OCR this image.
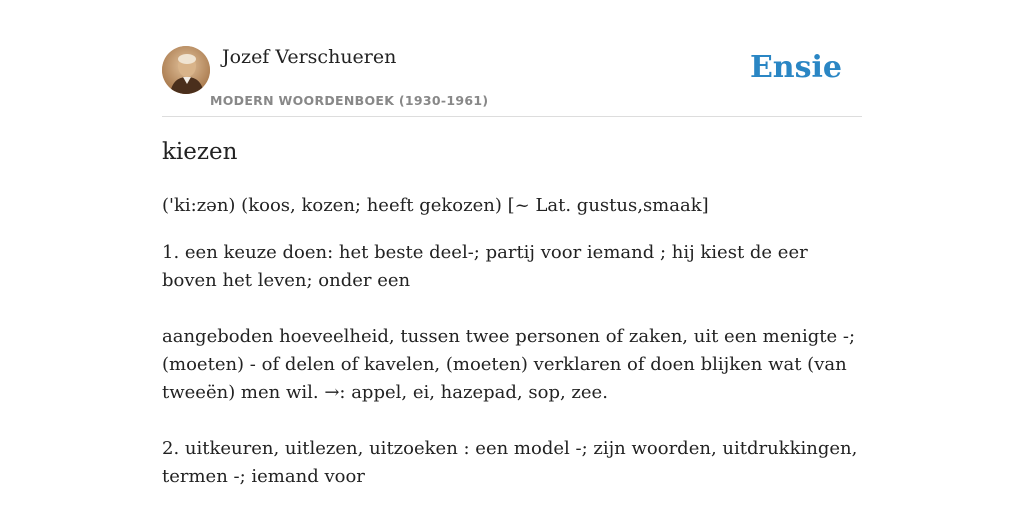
Jozef Verschueren
MODERN WOORDENBOEK (1930-1961)
Ensie
kiezen

('ki:zən) (koos, kozen; heeft gekozen) [~ Lat. gustus,smaak]

1. een keuze doen: het beste deel-; partij voor iemand ; hij kiest de eer boven het leven; onder een

aangeboden hoeveelheid, tussen twee personen of zaken, uit een menigte -; (moeten) - of delen of kavelen, (moeten) verklaren of doen blijken wat (van tweeën) men wil. →: appel, ei, hazepad, sop, zee.

2. uitkeuren, uitlezen, uitzoeken : een model -; zijn woorden, uitdrukkingen, termen -; iemand voor
